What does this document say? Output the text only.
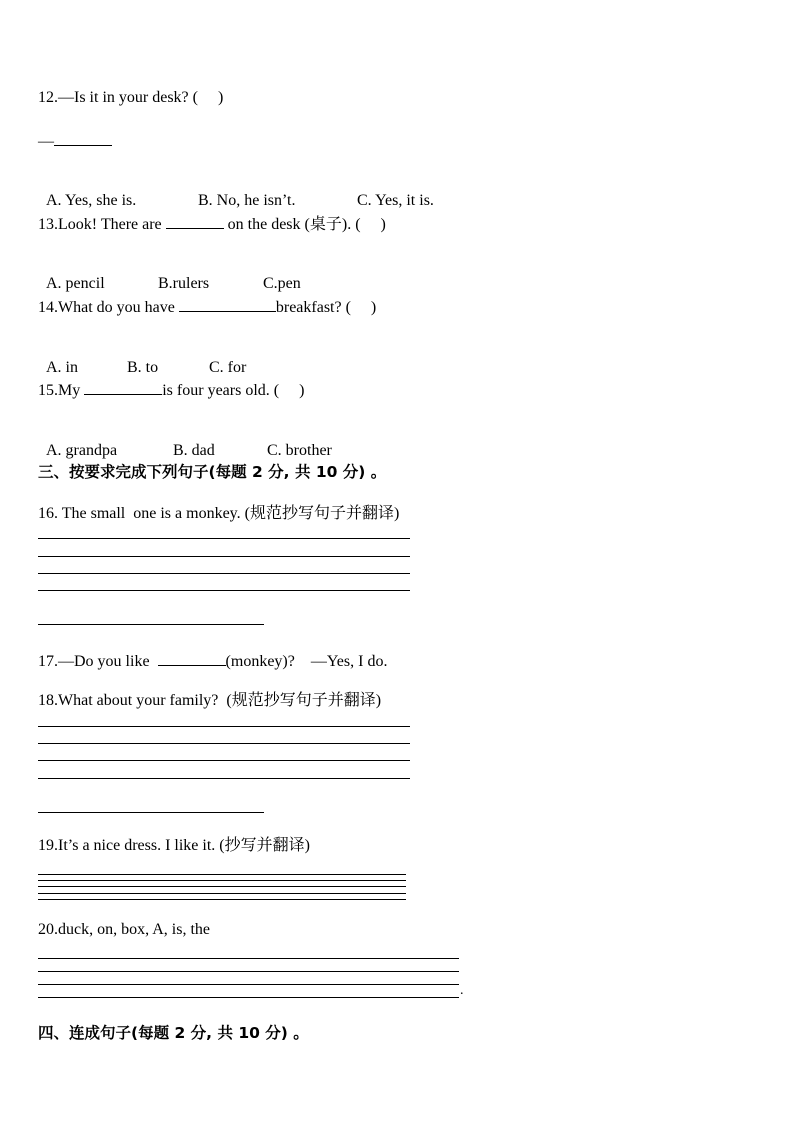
12.—Is it in your desk? (     )
—

A. Yes, she is.	B. No, he isn’t.	C. Yes, it is.

13.Look! There are	on the desk (桌子). (     )

A. pencil	B.rulers	C.pen

14.What do you have	breakfast? (     )

A. in	B. to	C. for

15.My	is four years old. (     )

A. grandpa	B. dad	C. brother

三、按要求完成下列句子(每题 2 分, 共 10 分) 。
16. The small  one is a monkey. (规范抄写句子并翻译)
17.—Do you like	(monkey)?    —Yes, I do.
18.What about your family?  (规范抄写句子并翻译)
19.It’s a nice dress. I like it. (抄写并翻译)
20.duck, on, box, A, is, the
.
四、连成句子(每题 2 分, 共 10 分) 。
